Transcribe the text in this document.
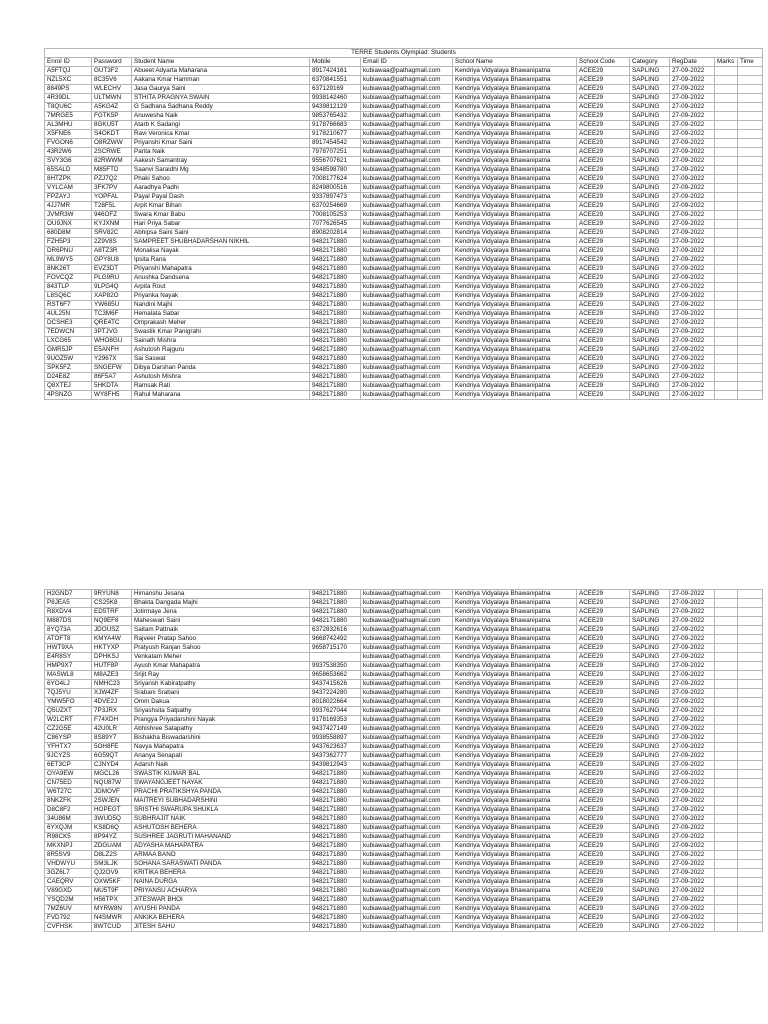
TERRE Students Olympiad: Students										
Enrol ID	Password	Student Name	Mobile	Email ID	School Name	School Code	Category	RegDate	Marks	Time
A5FTQJ	GUT3F2	Abueet Adyarta Maharana	8917424161	kubiawaa@pathagmail.com	Kendriya Vidyalaya Bhawanipatna	ACEE29	SAPLING	27-09-2022		
NZL5XC	8C35V6	Aakana Kmar Hamman	6370841551	kubiawaa@pathagmail.com	Kendriya Vidyalaya Bhawanipatna	ACEE29	SAPLING	27-09-2022		
8849PS	WLECHV	Jasa Gaurya Saini	637129169	kubiawaa@pathagmail.com	Kendriya Vidyalaya Bhawanipatna	ACEE29	SAPLING	27-09-2022		
4R39DL	ULTMWN	STHITA PRAGNYA SWAIN	9938142460	kubiawaa@pathagmail.com	Kendriya Vidyalaya Bhawanipatna	ACEE29	SAPLING	27-09-2022		
T8QU6C	A5KG4Z	G Sadhana Sadhana Reddy	9439812129	kubiawaa@pathagmail.com	Kendriya Vidyalaya Bhawanipatna	ACEE29	SAPLING	27-09-2022		
7MRGE5	FGTK5P	Anuwesha Naik	9853765432	kubiawaa@pathagmail.com	Kendriya Vidyalaya Bhawanipatna	ACEE29	SAPLING	27-09-2022		
AL3MHU	8GKU5T	Atarb K Sadangi	9178766683	kubiawaa@pathagmail.com	Kendriya Vidyalaya Bhawanipatna	ACEE29	SAPLING	27-09-2022		
X5FNE6	S4OKDT	Ravi Veronica Kmar	9178210677	kubiawaa@pathagmail.com	Kendriya Vidyalaya Bhawanipatna	ACEE29	SAPLING	27-09-2022		
FVGON6	O8RZWW	Priyanshi Kmar Saini	8917454542	kubiawaa@pathagmail.com	Kendriya Vidyalaya Bhawanipatna	ACEE29	SAPLING	27-09-2022		
43R2W6	2SCRWE	Parita Naik	7978707251	kubiawaa@pathagmail.com	Kendriya Vidyalaya Bhawanipatna	ACEE29	SAPLING	27-09-2022		
SVY3G6	82RWWM	Aakesh Samantray	9556707621	kubiawaa@pathagmail.com	Kendriya Vidyalaya Bhawanipatna	ACEE29	SAPLING	27-09-2022		
65SALD	M85FTD	Saanvi Saraidhi Mg	9348598780	kubiawaa@pathagmail.com	Kendriya Vidyalaya Bhawanipatna	ACEE29	SAPLING	27-09-2022		
8HTZPK	PZJ7Q2	Phaki Sahoo	7008177624	kubiawaa@pathagmail.com	Kendriya Vidyalaya Bhawanipatna	ACEE29	SAPLING	27-09-2022		
VYLCAM	3FK7PV	Aaradhya Padhi	8249800516	kubiawaa@pathagmail.com	Kendriya Vidyalaya Bhawanipatna	ACEE29	SAPLING	27-09-2022		
FPZAYJ	YOPFAL	Payal Payal Dash	9337897473	kubiawaa@pathagmail.com	Kendriya Vidyalaya Bhawanipatna	ACEE29	SAPLING	27-09-2022		
4JJ7MR	T28F5L	Arpit Kmar Bihari	6370254669	kubiawaa@pathagmail.com	Kendriya Vidyalaya Bhawanipatna	ACEE29	SAPLING	27-09-2022		
JVMR3W	946OFZ	Swara Kmar Babu	7008105253	kubiawaa@pathagmail.com	Kendriya Vidyalaya Bhawanipatna	ACEE29	SAPLING	27-09-2022		
OU9JNX	KYJXNM	Hari Priya Sabar	7077626545	kubiawaa@pathagmail.com	Kendriya Vidyalaya Bhawanipatna	ACEE29	SAPLING	27-09-2022		
680D8M	SRV82C	Abhipsa Saini Saini	8908202814	kubiawaa@pathagmail.com	Kendriya Vidyalaya Bhawanipatna	ACEE29	SAPLING	27-09-2022		
FZH5P3	2Z9V8S	SAMPREET SHUBHADARSHAN NIKHIL	9482171880	kubiawaa@pathagmail.com	Kendriya Vidyalaya Bhawanipatna	ACEE29	SAPLING	27-09-2022		
DR6PNU	A8TZ3R	Monalisa Nayak	9482171880	kubiawaa@pathagmail.com	Kendriya Vidyalaya Bhawanipatna	ACEE29	SAPLING	27-09-2022		
ML9WY5	GPY8U8	Ipsita Rana	9482171880	kubiawaa@pathagmail.com	Kendriya Vidyalaya Bhawanipatna	ACEE29	SAPLING	27-09-2022		
8NK26T	EVZ3DT	Priyanshi Mahapatra	9482171880	kubiawaa@pathagmail.com	Kendriya Vidyalaya Bhawanipatna	ACEE29	SAPLING	27-09-2022		
FOVCQZ	PLG9RU	Anushka Dandsena	9482171880	kubiawaa@pathagmail.com	Kendriya Vidyalaya Bhawanipatna	ACEE29	SAPLING	27-09-2022		
843TLP	9LPG4Q	Arpita Rout	9482171880	kubiawaa@pathagmail.com	Kendriya Vidyalaya Bhawanipatna	ACEE29	SAPLING	27-09-2022		
L8SQ6C	XAP82O	Priyanka Nayak	9482171880	kubiawaa@pathagmail.com	Kendriya Vidyalaya Bhawanipatna	ACEE29	SAPLING	27-09-2022		
RST6F7	YW685U	Nandini Majhi	9482171880	kubiawaa@pathagmail.com	Kendriya Vidyalaya Bhawanipatna	ACEE29	SAPLING	27-09-2022		
4UL25N	TC3M6F	Hemalata Sabar	9482171880	kubiawaa@pathagmail.com	Kendriya Vidyalaya Bhawanipatna	ACEE29	SAPLING	27-09-2022		
DCSHE3	QRE4TC	Omprakash Meher	9482171880	kubiawaa@pathagmail.com	Kendriya Vidyalaya Bhawanipatna	ACEE29	SAPLING	27-09-2022		
7EDWCN	3PTJVG	Swastik Kmar Panigrahi	9482171880	kubiawaa@pathagmail.com	Kendriya Vidyalaya Bhawanipatna	ACEE29	SAPLING	27-09-2022		
LXCG65	WHO8GU	Sainath Mishra	9482171880	kubiawaa@pathagmail.com	Kendriya Vidyalaya Bhawanipatna	ACEE29	SAPLING	27-09-2022		
GMR5JP	E5ANFH	Ashutosh Rajguru	9482171880	kubiawaa@pathagmail.com	Kendriya Vidyalaya Bhawanipatna	ACEE29	SAPLING	27-09-2022		
9UOZ5W	Y2967X	Sai Saswat	9482171880	kubiawaa@pathagmail.com	Kendriya Vidyalaya Bhawanipatna	ACEE29	SAPLING	27-09-2022		
SPK5FZ	SNGEFW	Dibya Darshan Panda	9482171880	kubiawaa@pathagmail.com	Kendriya Vidyalaya Bhawanipatna	ACEE29	SAPLING	27-09-2022		
D24E8Z	86F5A7	Ashutosh Mishra	9482171880	kubiawaa@pathagmail.com	Kendriya Vidyalaya Bhawanipatna	ACEE29	SAPLING	27-09-2022		
Q8XTEJ	5HKDTA	Ramsak Rati	9482171880	kubiawaa@pathagmail.com	Kendriya Vidyalaya Bhawanipatna	ACEE29	SAPLING	27-09-2022		
4PSNZG	WY8FH5	Rahul Maharana	9482171880	kubiawaa@pathagmail.com	Kendriya Vidyalaya Bhawanipatna	ACEE29	SAPLING	27-09-2022		
H2GND7	9RYUN8	Himanshu Jesana	9482171880	kubiawaa@pathagmail.com	Kendriya Vidyalaya Bhawanipatna	ACEE29	SAPLING	27-09-2022		
P8JEA5	CS25K8	Bhakta Dangada Majhi	9482171880	kubiawaa@pathagmail.com	Kendriya Vidyalaya Bhawanipatna	ACEE29	SAPLING	27-09-2022		
R8XDV4	ED5TRF	Jotirmaye Jena	9482171880	kubiawaa@pathagmail.com	Kendriya Vidyalaya Bhawanipatna	ACEE29	SAPLING	27-09-2022		
M887DS	NQ9EF8	Maheswari Saini	9482171880	kubiawaa@pathagmail.com	Kendriya Vidyalaya Bhawanipatna	ACEE29	SAPLING	27-09-2022		
8YQ73A	JDOUSZ	Saitam Pattnaik	6372832616	kubiawaa@pathagmail.com	Kendriya Vidyalaya Bhawanipatna	ACEE29	SAPLING	27-09-2022		
ATOFT8	KMYA4W	Rajveer Pratap Sahoo	9668742492	kubiawaa@pathagmail.com	Kendriya Vidyalaya Bhawanipatna	ACEE29	SAPLING	27-09-2022		
HWT9XA	HKTYXP	Pratyush Ranjan Sahoo	9658715170	kubiawaa@pathagmail.com	Kendriya Vidyalaya Bhawanipatna	ACEE29	SAPLING	27-09-2022		
E4R8SY	DPHKSJ	Venkatam Meher		kubiawaa@pathagmail.com	Kendriya Vidyalaya Bhawanipatna	ACEE29	SAPLING	27-09-2022		
HMP9X7	HUTF8P	Ayush Kmar Mahapatra	9937538350	kubiawaa@pathagmail.com	Kendriya Vidyalaya Bhawanipatna	ACEE29	SAPLING	27-09-2022		
MASWL8	M8AZE3	Srijit Ray	9658653662	kubiawaa@pathagmail.com	Kendriya Vidyalaya Bhawanipatna	ACEE29	SAPLING	27-09-2022		
6YO4LJ	NMHC23	Sriyansh Kabiratpathy	9437415626	kubiawaa@pathagmail.com	Kendriya Vidyalaya Bhawanipatna	ACEE29	SAPLING	27-09-2022		
7QJ5YU	XJW4ZF	Srabani Srabani	9437224280	kubiawaa@pathagmail.com	Kendriya Vidyalaya Bhawanipatna	ACEE29	SAPLING	27-09-2022		
YMW5FO	4DVE2J	Omm Dakua	8018022664	kubiawaa@pathagmail.com	Kendriya Vidyalaya Bhawanipatna	ACEE29	SAPLING	27-09-2022		
Q5UZXT	7P3JRX	Sriyashsita Satpathy	9937627044	kubiawaa@pathagmail.com	Kendriya Vidyalaya Bhawanipatna	ACEE29	SAPLING	27-09-2022		
W2LCRT	F74XDH	Prangya Priyadarshini Nayak	9178169353	kubiawaa@pathagmail.com	Kendriya Vidyalaya Bhawanipatna	ACEE29	SAPLING	27-09-2022		
CZ2G5E	42U0LR	Abhishree Satapathy	9437427149	kubiawaa@pathagmail.com	Kendriya Vidyalaya Bhawanipatna	ACEE29	SAPLING	27-09-2022		
C86YSP	8S89Y7	Bishakha Biswadarshini	9938558897	kubiawaa@pathagmail.com	Kendriya Vidyalaya Bhawanipatna	ACEE29	SAPLING	27-09-2022		
YFHTX7	5OH8FE	Navya Mahapatra	9437623637	kubiawaa@pathagmail.com	Kendriya Vidyalaya Bhawanipatna	ACEE29	SAPLING	27-09-2022		
9JCYZS	6G59QT	Ananya Senapati	9437362777	kubiawaa@pathagmail.com	Kendriya Vidyalaya Bhawanipatna	ACEE29	SAPLING	27-09-2022		
6ET3CP	CJNYD4	Adarsh Naik	9439812943	kubiawaa@pathagmail.com	Kendriya Vidyalaya Bhawanipatna	ACEE29	SAPLING	27-09-2022		
OYA9EW	MGCL26	SWASTIK KUMAR BAL	9482171880	kubiawaa@pathagmail.com	Kendriya Vidyalaya Bhawanipatna	ACEE29	SAPLING	27-09-2022		
CN75ED	NQU87W	SWAYANGJEET NAYAK	9482171880	kubiawaa@pathagmail.com	Kendriya Vidyalaya Bhawanipatna	ACEE29	SAPLING	27-09-2022		
W6T27C	JDMOVF	PRACHI PRATIKSHYA PANDA	9482171880	kubiawaa@pathagmail.com	Kendriya Vidyalaya Bhawanipatna	ACEE29	SAPLING	27-09-2022		
8NKZFK	2SWJEN	MAITREYI SUBHADARSHINI	9482171880	kubiawaa@pathagmail.com	Kendriya Vidyalaya Bhawanipatna	ACEE29	SAPLING	27-09-2022		
D8C8F2	HOPEGT	SRISTHI SWARUPA SHUKLA	9482171880	kubiawaa@pathagmail.com	Kendriya Vidyalaya Bhawanipatna	ACEE29	SAPLING	27-09-2022		
34U86M	3WUD5Q	SUBHRAJIT NAIK	9482171880	kubiawaa@pathagmail.com	Kendriya Vidyalaya Bhawanipatna	ACEE29	SAPLING	27-09-2022		
6YXQJM	KS8D6Q	ASHUTOSH BEHERA	9482171880	kubiawaa@pathagmail.com	Kendriya Vidyalaya Bhawanipatna	ACEE29	SAPLING	27-09-2022		
R98CK5	8P94YZ	SUSHREE JAGRUTI MAHANAND	9482171880	kubiawaa@pathagmail.com	Kendriya Vidyalaya Bhawanipatna	ACEE29	SAPLING	27-09-2022		
MKXNPJ	ZDGUAM	ADYASHA MAHAPATRA	9482171880	kubiawaa@pathagmail.com	Kendriya Vidyalaya Bhawanipatna	ACEE29	SAPLING	27-09-2022		
8R5SV9	D8LZ2S	ARMAA BANO	9482171880	kubiawaa@pathagmail.com	Kendriya Vidyalaya Bhawanipatna	ACEE29	SAPLING	27-09-2022		
VHDWYU	SM3LJK	SOHANA SARASWATI PANDA	9482171880	kubiawaa@pathagmail.com	Kendriya Vidyalaya Bhawanipatna	ACEE29	SAPLING	27-09-2022		
3GZ6L7	QJ2OV9	KRITIKA BEHERA	9482171880	kubiawaa@pathagmail.com	Kendriya Vidyalaya Bhawanipatna	ACEE29	SAPLING	27-09-2022		
CAEQRV	OXW5KF	NAINA DURGA	9482171880	kubiawaa@pathagmail.com	Kendriya Vidyalaya Bhawanipatna	ACEE29	SAPLING	27-09-2022		
V89GXD	MU5T9F	PRIYANSU ACHARYA	9482171880	kubiawaa@pathagmail.com	Kendriya Vidyalaya Bhawanipatna	ACEE29	SAPLING	27-09-2022		
YSQD2M	H56TPX	JITESWAR BHOI	9482171880	kubiawaa@pathagmail.com	Kendriya Vidyalaya Bhawanipatna	ACEE29	SAPLING	27-09-2022		
7MZ6UV	MYRW8N	AYUSHI PANDA	9482171880	kubiawaa@pathagmail.com	Kendriya Vidyalaya Bhawanipatna	ACEE29	SAPLING	27-09-2022		
FVD792	N4SMWR	ANKIKA BEHERA	9482171880	kubiawaa@pathagmail.com	Kendriya Vidyalaya Bhawanipatna	ACEE29	SAPLING	27-09-2022		
CVFHSK	8WTCUD	JITESH SAHU	9482171880	kubiawaa@pathagmail.com	Kendriya Vidyalaya Bhawanipatna	ACEE29	SAPLING	27-09-2022		
